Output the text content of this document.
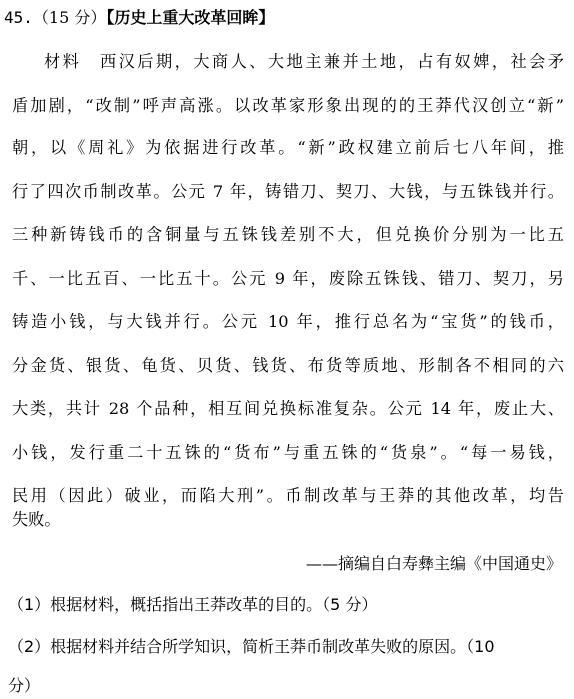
45.（15 分）【历史上重大改革回眸】
材料　西汉后期，大商人、大地主兼并土地，占有奴婢，社会矛
盾加剧，“改制”呼声高涨。以改革家形象出现的的王莽代汉创立“新”
朝，以《周礼》为依据进行改革。“新”政权建立前后七八年间，推
行了四次币制改革。公元 7 年，铸错刀、契刀、大钱，与五铢钱并行。
三种新铸钱币的含铜量与五铢钱差别不大，但兑换价分别为一比五
千、一比五百、一比五十。公元 9 年，废除五铢钱、错刀、契刀，另
铸造小钱，与大钱并行。公元 10 年，推行总名为“宝货”的钱币，
分金货、银货、龟货、贝货、钱货、布货等质地、形制各不相同的六
大类，共计 28 个品种，相互间兑换标准复杂。公元 14 年，废止大、
小钱，发行重二十五铢的“货布”与重五铢的“货泉”。“每一易钱，
民用（因此）破业，而陷大刑”。币制改革与王莽的其他改革，均告
失败。
——摘编自白寿彝主编《中国通史》
（1）根据材料，概括指出王莽改革的目的。（5 分）
（2）根据材料并结合所学知识，简析王莽币制改革失败的原因。（10
分）
